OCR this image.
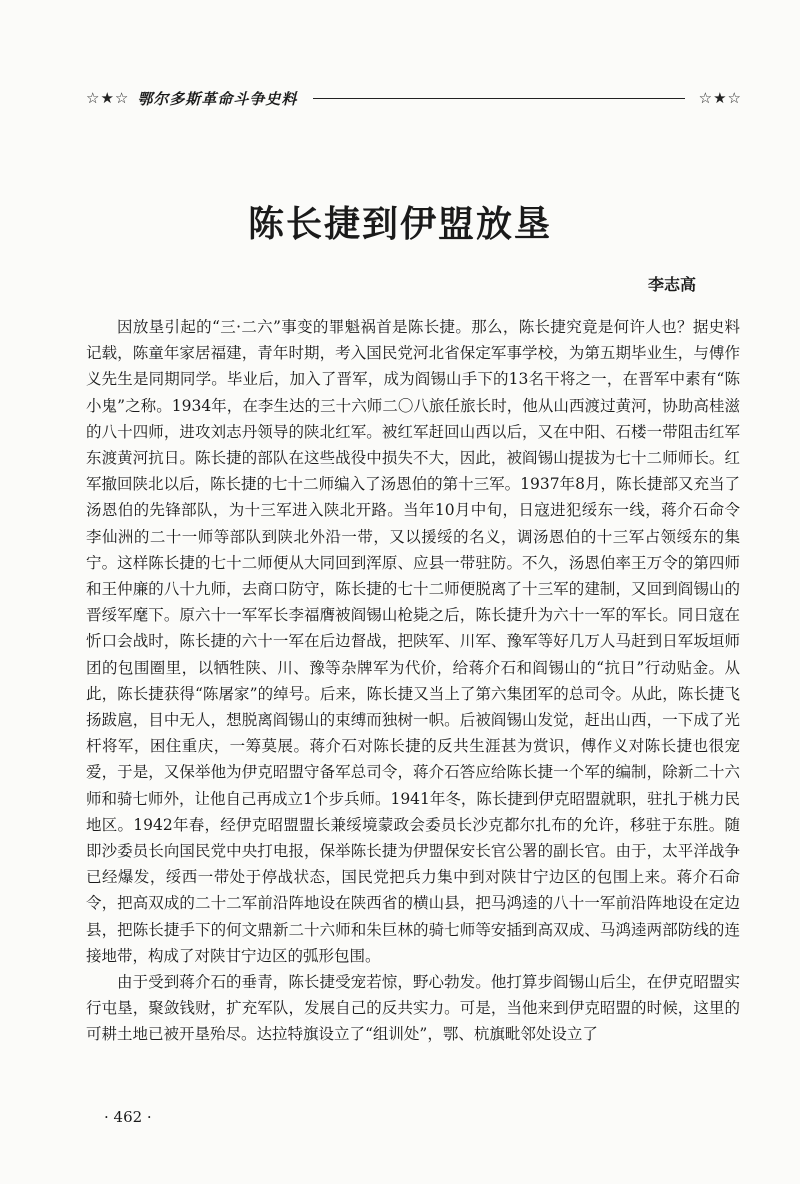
☆★☆ 鄂尔多斯革命斗争史料	☆★☆
陈长捷到伊盟放垦
李志高

因放垦引起的“三·二六”事变的罪魁祸首是陈长捷。那么，陈长捷究竟是何许人也？据史料记载，陈童年家居福建，青年时期，考入国民党河北省保定军事学校，为第五期毕业生，与傅作义先生是同期同学。毕业后，加入了晋军，成为阎锡山手下的13名干将之一，在晋军中素有“陈小鬼”之称。1934年，在李生达的三十六师二〇八旅任旅长时，他从山西渡过黄河，协助高桂滋的八十四师，进攻刘志丹领导的陕北红军。被红军赶回山西以后，又在中阳、石楼一带阻击红军东渡黄河抗日。陈长捷的部队在这些战役中损失不大，因此，被阎锡山提拔为七十二师师长。红军撤回陕北以后，陈长捷的七十二师编入了汤恩伯的第十三军。1937年8月，陈长捷部又充当了汤恩伯的先锋部队，为十三军进入陕北开路。当年10月中旬，日寇进犯绥东一线，蒋介石命令李仙洲的二十一师等部队到陕北外沿一带，又以援绥的名义，调汤恩伯的十三军占领绥东的集宁。这样陈长捷的七十二师便从大同回到浑原、应县一带驻防。不久，汤恩伯率王万令的第四师和王仲廉的八十九师，去商口防守，陈长捷的七十二师便脱离了十三军的建制，又回到阎锡山的晋绥军麾下。原六十一军军长李福膺被阎锡山枪毙之后，陈长捷升为六十一军的军长。同日寇在忻口会战时，陈长捷的六十一军在后边督战，把陕军、川军、豫军等好几万人马赶到日军坂垣师团的包围圈里，以牺牲陕、川、豫等杂牌军为代价，给蒋介石和阎锡山的“抗日”行动贴金。从此，陈长捷获得“陈屠家”的绰号。后来，陈长捷又当上了第六集团军的总司令。从此，陈长捷飞扬跋扈，目中无人，想脱离阎锡山的束缚而独树一帜。后被阎锡山发觉，赶出山西，一下成了光杆将军，困住重庆，一筹莫展。蒋介石对陈长捷的反共生涯甚为赏识，傅作义对陈长捷也很宠爱，于是，又保举他为伊克昭盟守备军总司令，蒋介石答应给陈长捷一个军的编制，除新二十六师和骑七师外，让他自己再成立1个步兵师。1941年冬，陈长捷到伊克昭盟就职，驻扎于桃力民地区。1942年春，经伊克昭盟盟长兼绥境蒙政会委员长沙克都尔扎布的允许，移驻于东胜。随即沙委员长向国民党中央打电报，保举陈长捷为伊盟保安长官公署的副长官。由于，太平洋战争已经爆发，绥西一带处于停战状态，国民党把兵力集中到对陕甘宁边区的包围上来。蒋介石命令，把高双成的二十二军前沿阵地设在陕西省的横山县，把马鸿逵的八十一军前沿阵地设在定边县，把陈长捷手下的何文鼎新二十六师和朱巨林的骑七师等安插到高双成、马鸿逵两部防线的连接地带，构成了对陕甘宁边区的弧形包围。

由于受到蒋介石的垂青，陈长捷受宠若惊，野心勃发。他打算步阎锡山后尘，在伊克昭盟实行屯垦，聚敛钱财，扩充军队，发展自己的反共实力。可是，当他来到伊克昭盟的时候，这里的可耕土地已被开垦殆尽。达拉特旗设立了“组训处”，鄂、杭旗毗邻处设立了

· 462 ·
